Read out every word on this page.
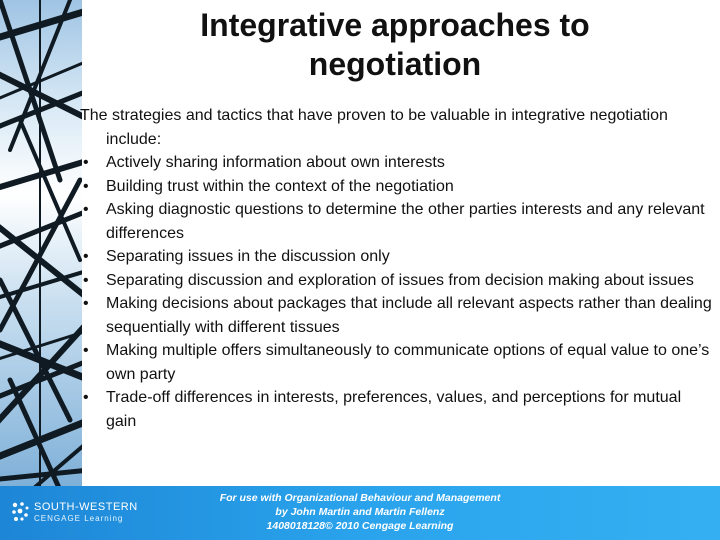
Integrative approaches to negotiation

The strategies and tactics that have proven to be valuable in integrative negotiation include:

• Actively sharing information about own interests
• Building trust within the context of the negotiation
• Asking diagnostic questions to determine the other parties interests and any relevant differences
• Separating issues in the discussion only
• Separating discussion and exploration of issues from decision making about issues
• Making decisions about packages that include all relevant aspects rather than dealing sequentially with different tissues
• Making multiple offers simultaneously to communicate options of equal value to one’s own party
• Trade-off differences in interests, preferences, values, and perceptions for mutual gain
SOUTH-WESTERN
CENGAGE Learning
For use with Organizational Behaviour and Management
by John Martin and Martin Fellenz
1408018128© 2010 Cengage Learning
